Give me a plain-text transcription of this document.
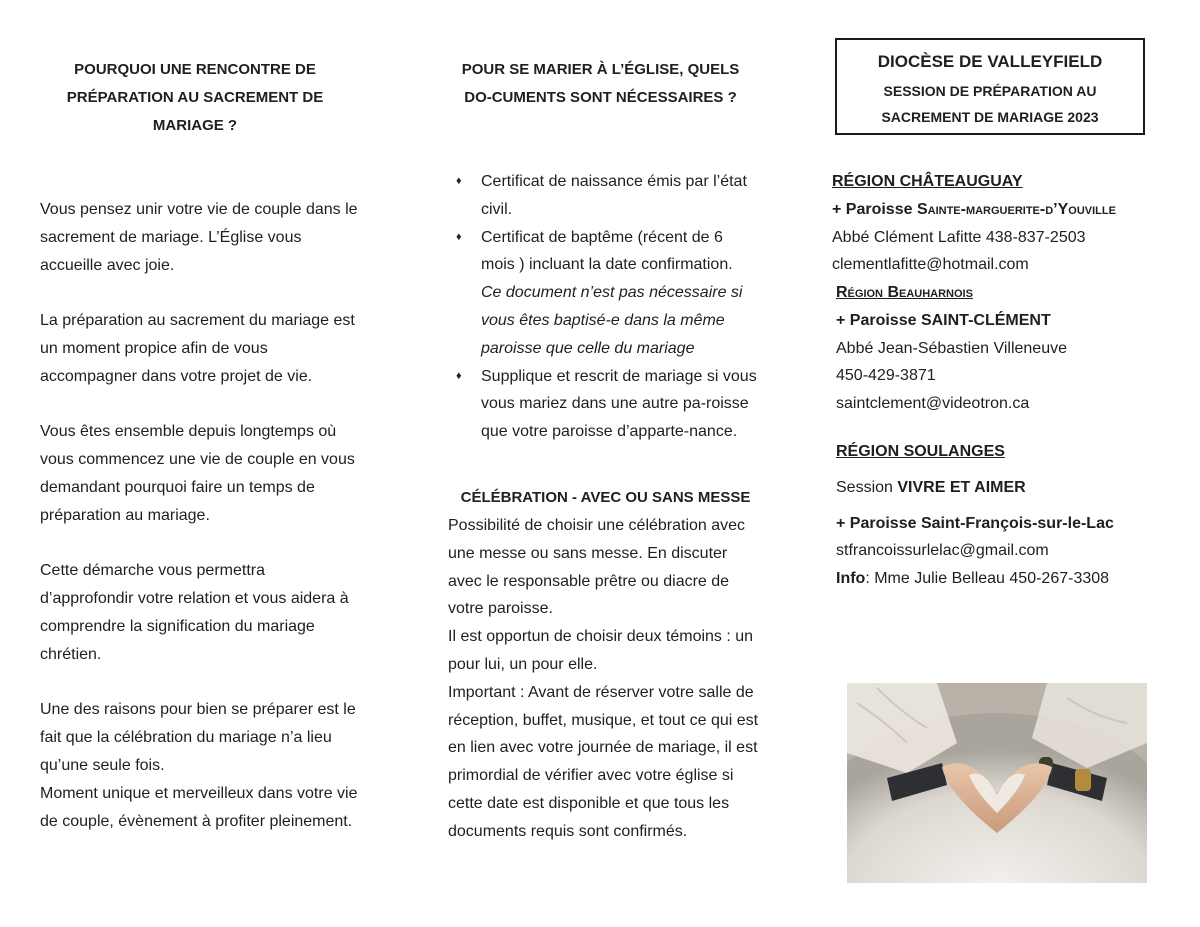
POURQUOI UNE RENCONTRE DE PRÉPARATION AU SACREMENT DE MARIAGE ?

Vous pensez unir votre vie de couple dans le sacrement de mariage. L’Église vous accueille avec joie.

La préparation au sacrement du mariage est un moment propice afin de vous accompagner dans votre projet de vie.

Vous êtes ensemble depuis longtemps où vous commencez une vie de couple en vous demandant pourquoi faire un temps de préparation au mariage.

Cette démarche vous permettra d’approfondir votre relation et vous aidera à comprendre la signification du mariage chrétien.

Une des raisons pour bien se préparer est le fait que la célébration du mariage n’a lieu qu’une seule fois.

Moment unique et merveilleux dans votre vie de couple, évènement à profiter pleinement.

POUR SE MARIER À L’ÉGLISE, QUELS DO-CUMENTS SONT NÉCESSAIRES ?
♦ Certificat de naissance émis par l’état civil.
♦ Certificat de baptême (récent de 6 mois ) incluant la date confirmation.
Ce document n’est pas nécessaire si vous êtes baptisé-e dans la même paroisse que celle du mariage
♦ Supplique et rescrit de mariage si vous vous mariez dans une autre pa-roisse que votre paroisse d’apparte-nance.
CÉLÉBRATION - AVEC OU SANS MESSE

Possibilité de choisir une célébration avec une messe ou sans messe. En discuter avec le responsable prêtre ou diacre de votre paroisse.

Il est opportun de choisir deux témoins : un pour lui, un pour elle.

Important : Avant de réserver votre salle de réception, buffet, musique, et tout ce qui est en lien avec votre journée de mariage, il est primordial de vérifier avec votre église si cette date est disponible et que tous les documents requis sont confirmés.

DIOCÈSE DE VALLEYFIELD
SESSION DE PRÉPARATION AU
SACREMENT DE MARIAGE 2023
RÉGION CHÂTEAUGUAY
+ Paroisse Sainte-marguerite-d’Youville
Abbé Clément Lafitte 438-837-2503
clementlafitte@hotmail.com
Région Beauharnois
+ Paroisse SAINT-CLÉMENT
Abbé Jean-Sébastien Villeneuve
450-429-3871
saintclement@videotron.ca
RÉGION SOULANGES
Session VIVRE ET AIMER
+ Paroisse Saint-François-sur-le-Lac
stfrancoissurlelac@gmail.com
Info: Mme Julie Belleau 450-267-3308
